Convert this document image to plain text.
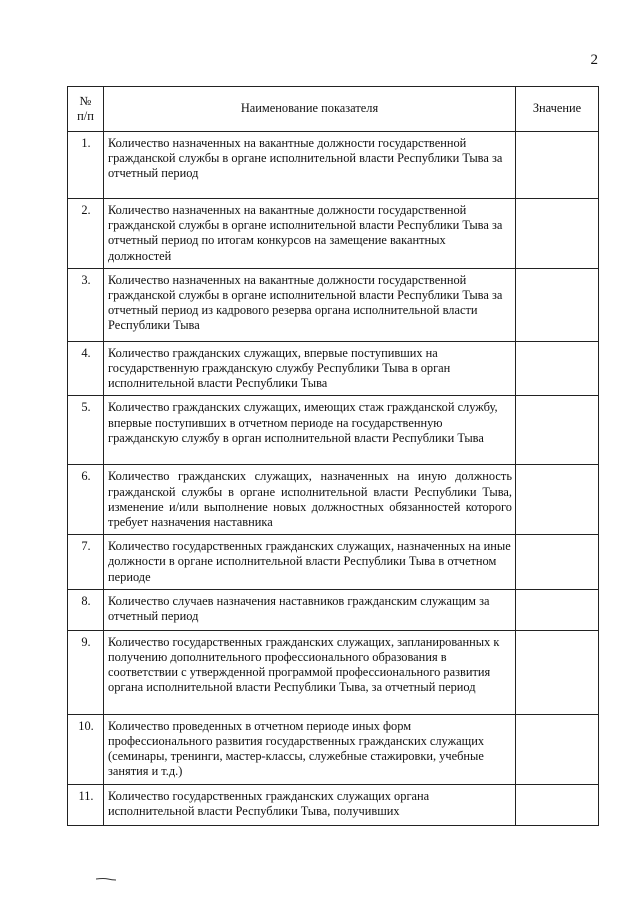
2
№
п/п	Наименование показателя	Значение
1.	Количество назначенных на вакантные должности государственной гражданской службы в органе исполнительной власти Республики Тыва за отчетный период	
2.	Количество назначенных на вакантные должности государственной гражданской службы в органе исполнительной власти Республики Тыва за отчетный период по итогам конкурсов на замещение вакантных должностей	
3.	Количество назначенных на вакантные должности государственной гражданской службы в органе исполнительной власти Республики Тыва за отчетный период из кадрового резерва органа исполнительной власти Республики Тыва	
4.	Количество гражданских служащих, впервые поступивших на государственную гражданскую службу Республики Тыва в орган исполнительной власти Республики Тыва	
5.	Количество гражданских служащих, имеющих стаж гражданской службу, впервые поступивших в отчетном периоде на государственную гражданскую службу в орган исполнительной власти Республики Тыва	
6.	Количество гражданских служащих, назначенных на иную должность гражданской службы в органе исполнительной власти Республики Тыва, изменение и/или выполнение новых должностных обязанностей которого требует назначения наставника	
7.	Количество государственных гражданских служащих, назначенных на иные должности в органе исполнительной власти Республики Тыва в отчетном периоде	
8.	Количество случаев назначения наставников гражданским служащим за отчетный период	
9.	Количество государственных гражданских служащих, запланированных к получению дополнительного профессионального образования в соответствии с утвержденной программой профессионального развития органа исполнительной власти Республики Тыва, за отчетный период	
10.	Количество проведенных в отчетном периоде иных форм профессионального развития государственных гражданских служащих (семинары, тренинги, мастер-классы, служебные стажировки, учебные занятия и т.д.)	
11.	Количество государственных гражданских служащих органа исполнительной власти Республики Тыва, получивших	
